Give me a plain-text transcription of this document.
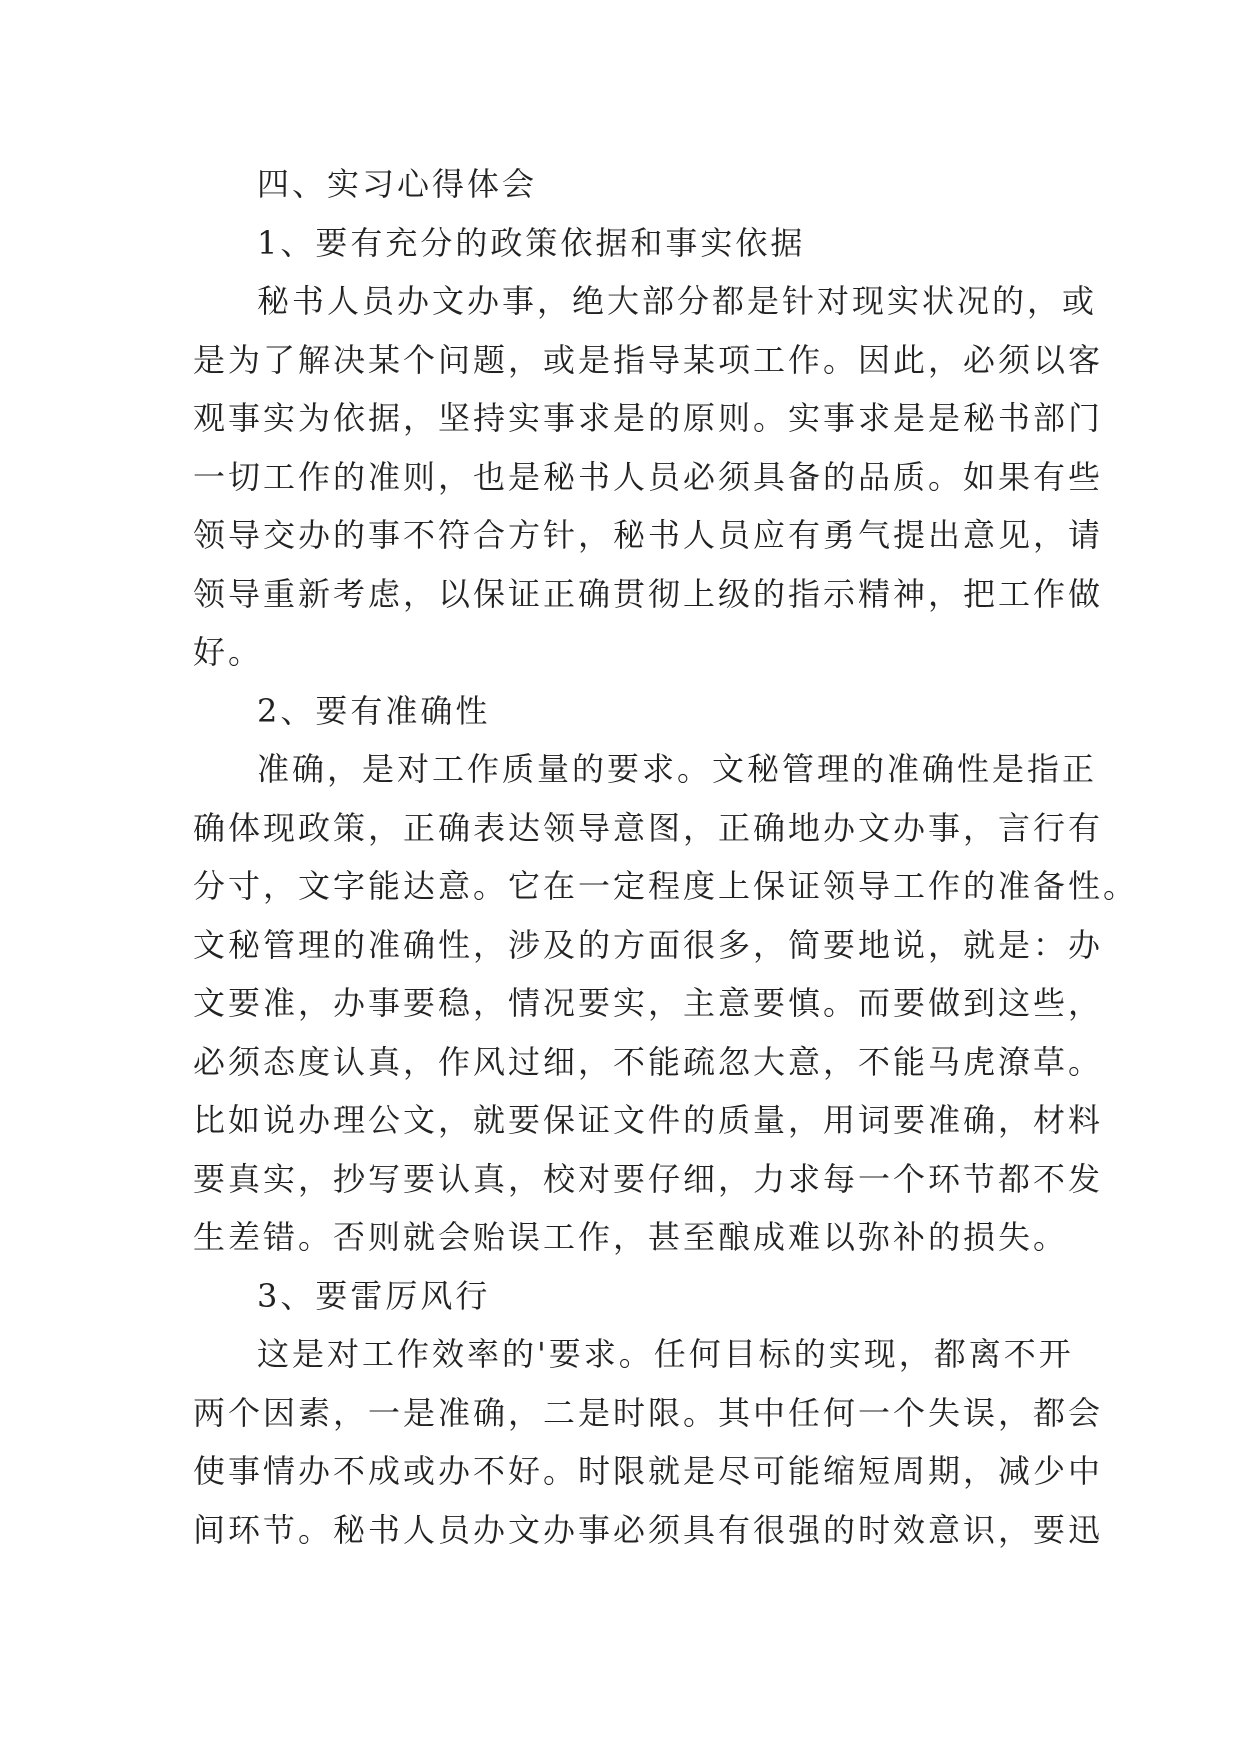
四、实习心得体会
1、要有充分的政策依据和事实依据
秘书人员办文办事，绝大部分都是针对现实状况的，或
是为了解决某个问题，或是指导某项工作。因此，必须以客
观事实为依据，坚持实事求是的原则。实事求是是秘书部门
一切工作的准则，也是秘书人员必须具备的品质。如果有些
领导交办的事不符合方针，秘书人员应有勇气提出意见，请
领导重新考虑，以保证正确贯彻上级的指示精神，把工作做
好。
2、要有准确性
准确，是对工作质量的要求。文秘管理的准确性是指正
确体现政策，正确表达领导意图，正确地办文办事，言行有
分寸，文字能达意。它在一定程度上保证领导工作的准备性。
文秘管理的准确性，涉及的方面很多，简要地说，就是：办
文要准，办事要稳，情况要实，主意要慎。而要做到这些，
必须态度认真，作风过细，不能疏忽大意，不能马虎潦草。
比如说办理公文，就要保证文件的质量，用词要准确，材料
要真实，抄写要认真，校对要仔细，力求每一个环节都不发
生差错。否则就会贻误工作，甚至酿成难以弥补的损失。
3、要雷厉风行
这是对工作效率的'要求。任何目标的实现，都离不开
两个因素，一是准确，二是时限。其中任何一个失误，都会
使事情办不成或办不好。时限就是尽可能缩短周期，减少中
间环节。秘书人员办文办事必须具有很强的时效意识，要迅
